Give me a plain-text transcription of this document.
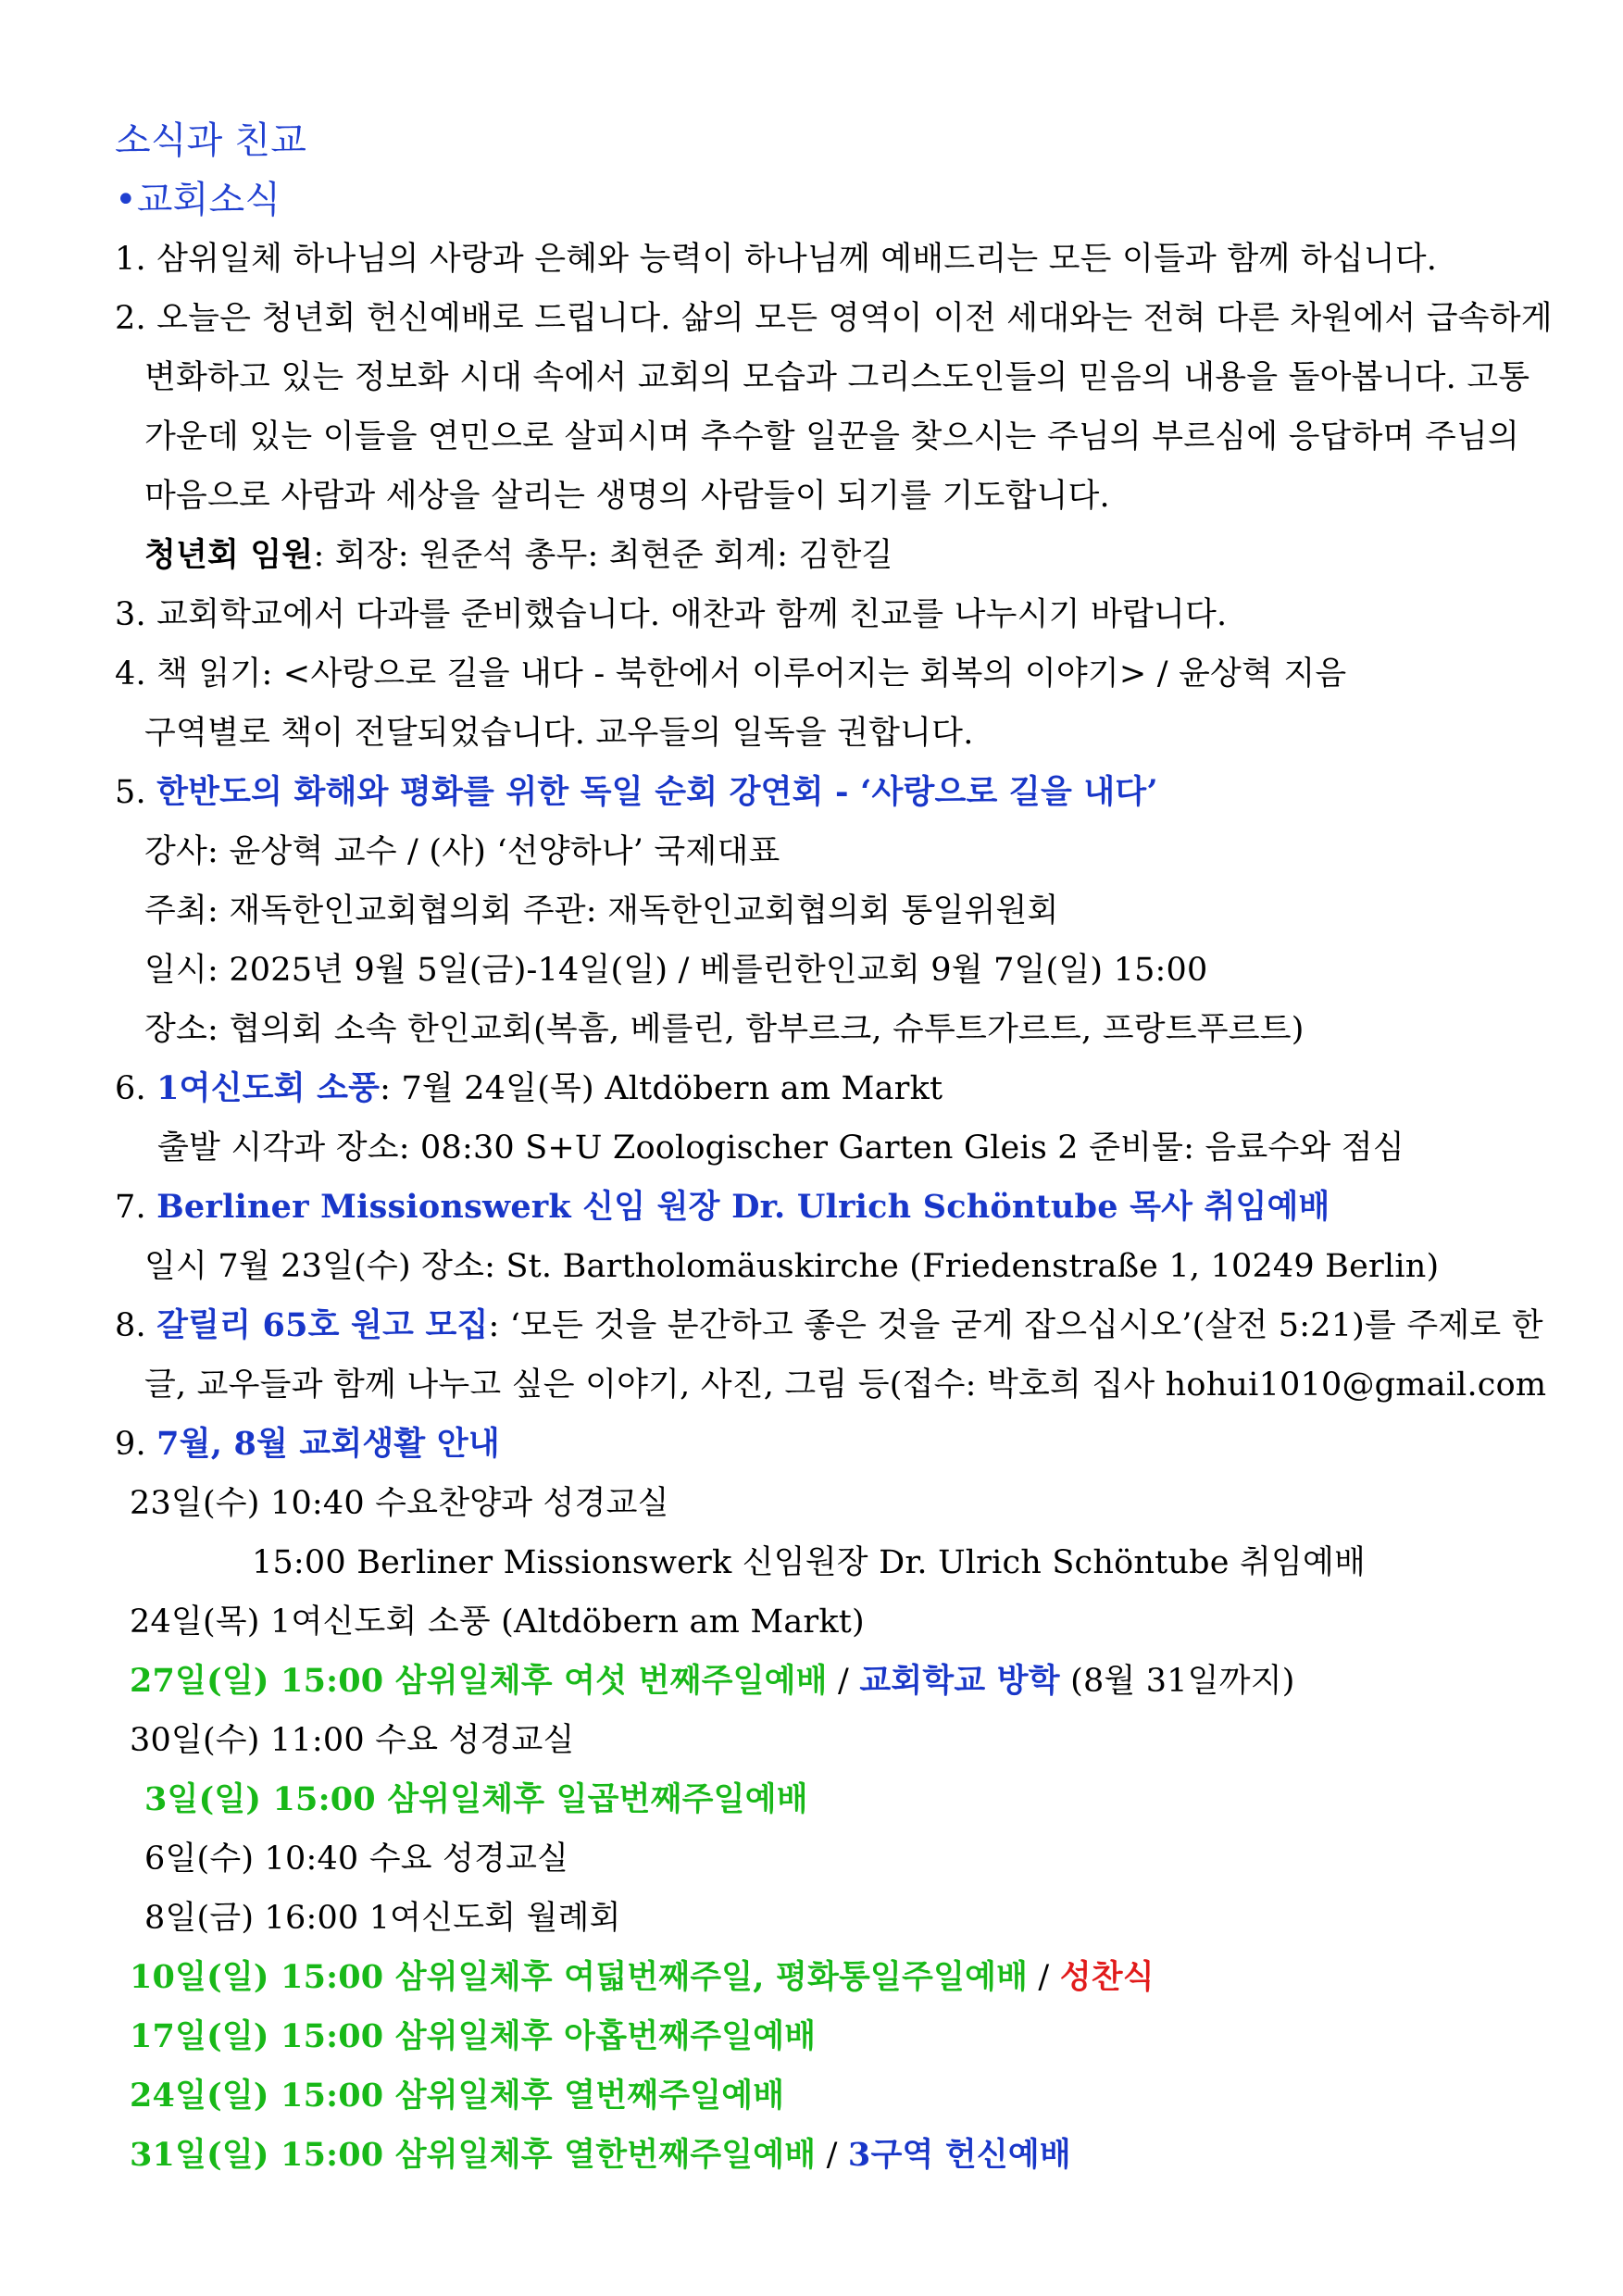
소식과 친교
•교회소식
1. 삼위일체 하나님의 사랑과 은혜와 능력이 하나님께 예배드리는 모든 이들과 함께 하십니다.
2. 오늘은 청년회 헌신예배로 드립니다. 삶의 모든 영역이 이전 세대와는 전혀 다른 차원에서 급속하게
변화하고 있는 정보화 시대 속에서 교회의 모습과 그리스도인들의 믿음의 내용을 돌아봅니다. 고통
가운데 있는 이들을 연민으로 살피시며 추수할 일꾼을 찾으시는 주님의 부르심에 응답하며 주님의
마음으로 사람과 세상을 살리는 생명의 사람들이 되기를 기도합니다.
청년회 임원: 회장: 원준석 총무: 최현준 회계: 김한길
3. 교회학교에서 다과를 준비했습니다. 애찬과 함께 친교를 나누시기 바랍니다.
4. 책 읽기: <사랑으로 길을 내다 - 북한에서 이루어지는 회복의 이야기> / 윤상혁 지음
구역별로 책이 전달되었습니다. 교우들의 일독을 권합니다.
5. 한반도의 화해와 평화를 위한 독일 순회 강연회 - ‘사랑으로 길을 내다’
강사: 윤상혁 교수 / (사) ‘선양하나’ 국제대표
주최: 재독한인교회협의회 주관: 재독한인교회협의회 통일위원회
일시: 2025년 9월 5일(금)-14일(일) / 베를린한인교회 9월 7일(일) 15:00
장소: 협의회 소속 한인교회(복흠, 베를린, 함부르크, 슈투트가르트, 프랑트푸르트)
6. 1여신도회 소풍: 7월 24일(목) Altdöbern am Markt
출발 시각과 장소: 08:30 S+U Zoologischer Garten Gleis 2 준비물: 음료수와 점심
7. Berliner Missionswerk 신임 원장 Dr. Ulrich Schöntube 목사 취임예배
일시 7월 23일(수) 장소: St. Bartholomäuskirche (Friedenstraße 1, 10249 Berlin)
8. 갈릴리 65호 원고 모집: ‘모든 것을 분간하고 좋은 것을 굳게 잡으십시오’(살전 5:21)를 주제로 한
글, 교우들과 함께 나누고 싶은 이야기, 사진, 그림 등(접수: 박호희 집사 hohui1010@gmail.com
9. 7월, 8월 교회생활 안내
23일(수) 10:40 수요찬양과 성경교실
15:00 Berliner Missionswerk 신임원장 Dr. Ulrich Schöntube 취임예배
24일(목) 1여신도회 소풍 (Altdöbern am Markt)
27일(일) 15:00 삼위일체후 여섯 번째주일예배 / 교회학교 방학 (8월 31일까지)
30일(수) 11:00 수요 성경교실
3일(일) 15:00 삼위일체후 일곱번째주일예배
6일(수) 10:40 수요 성경교실
8일(금) 16:00 1여신도회 월례회
10일(일) 15:00 삼위일체후 여덟번째주일, 평화통일주일예배 / 성찬식
17일(일) 15:00 삼위일체후 아홉번째주일예배
24일(일) 15:00 삼위일체후 열번째주일예배
31일(일) 15:00 삼위일체후 열한번째주일예배 / 3구역 헌신예배
